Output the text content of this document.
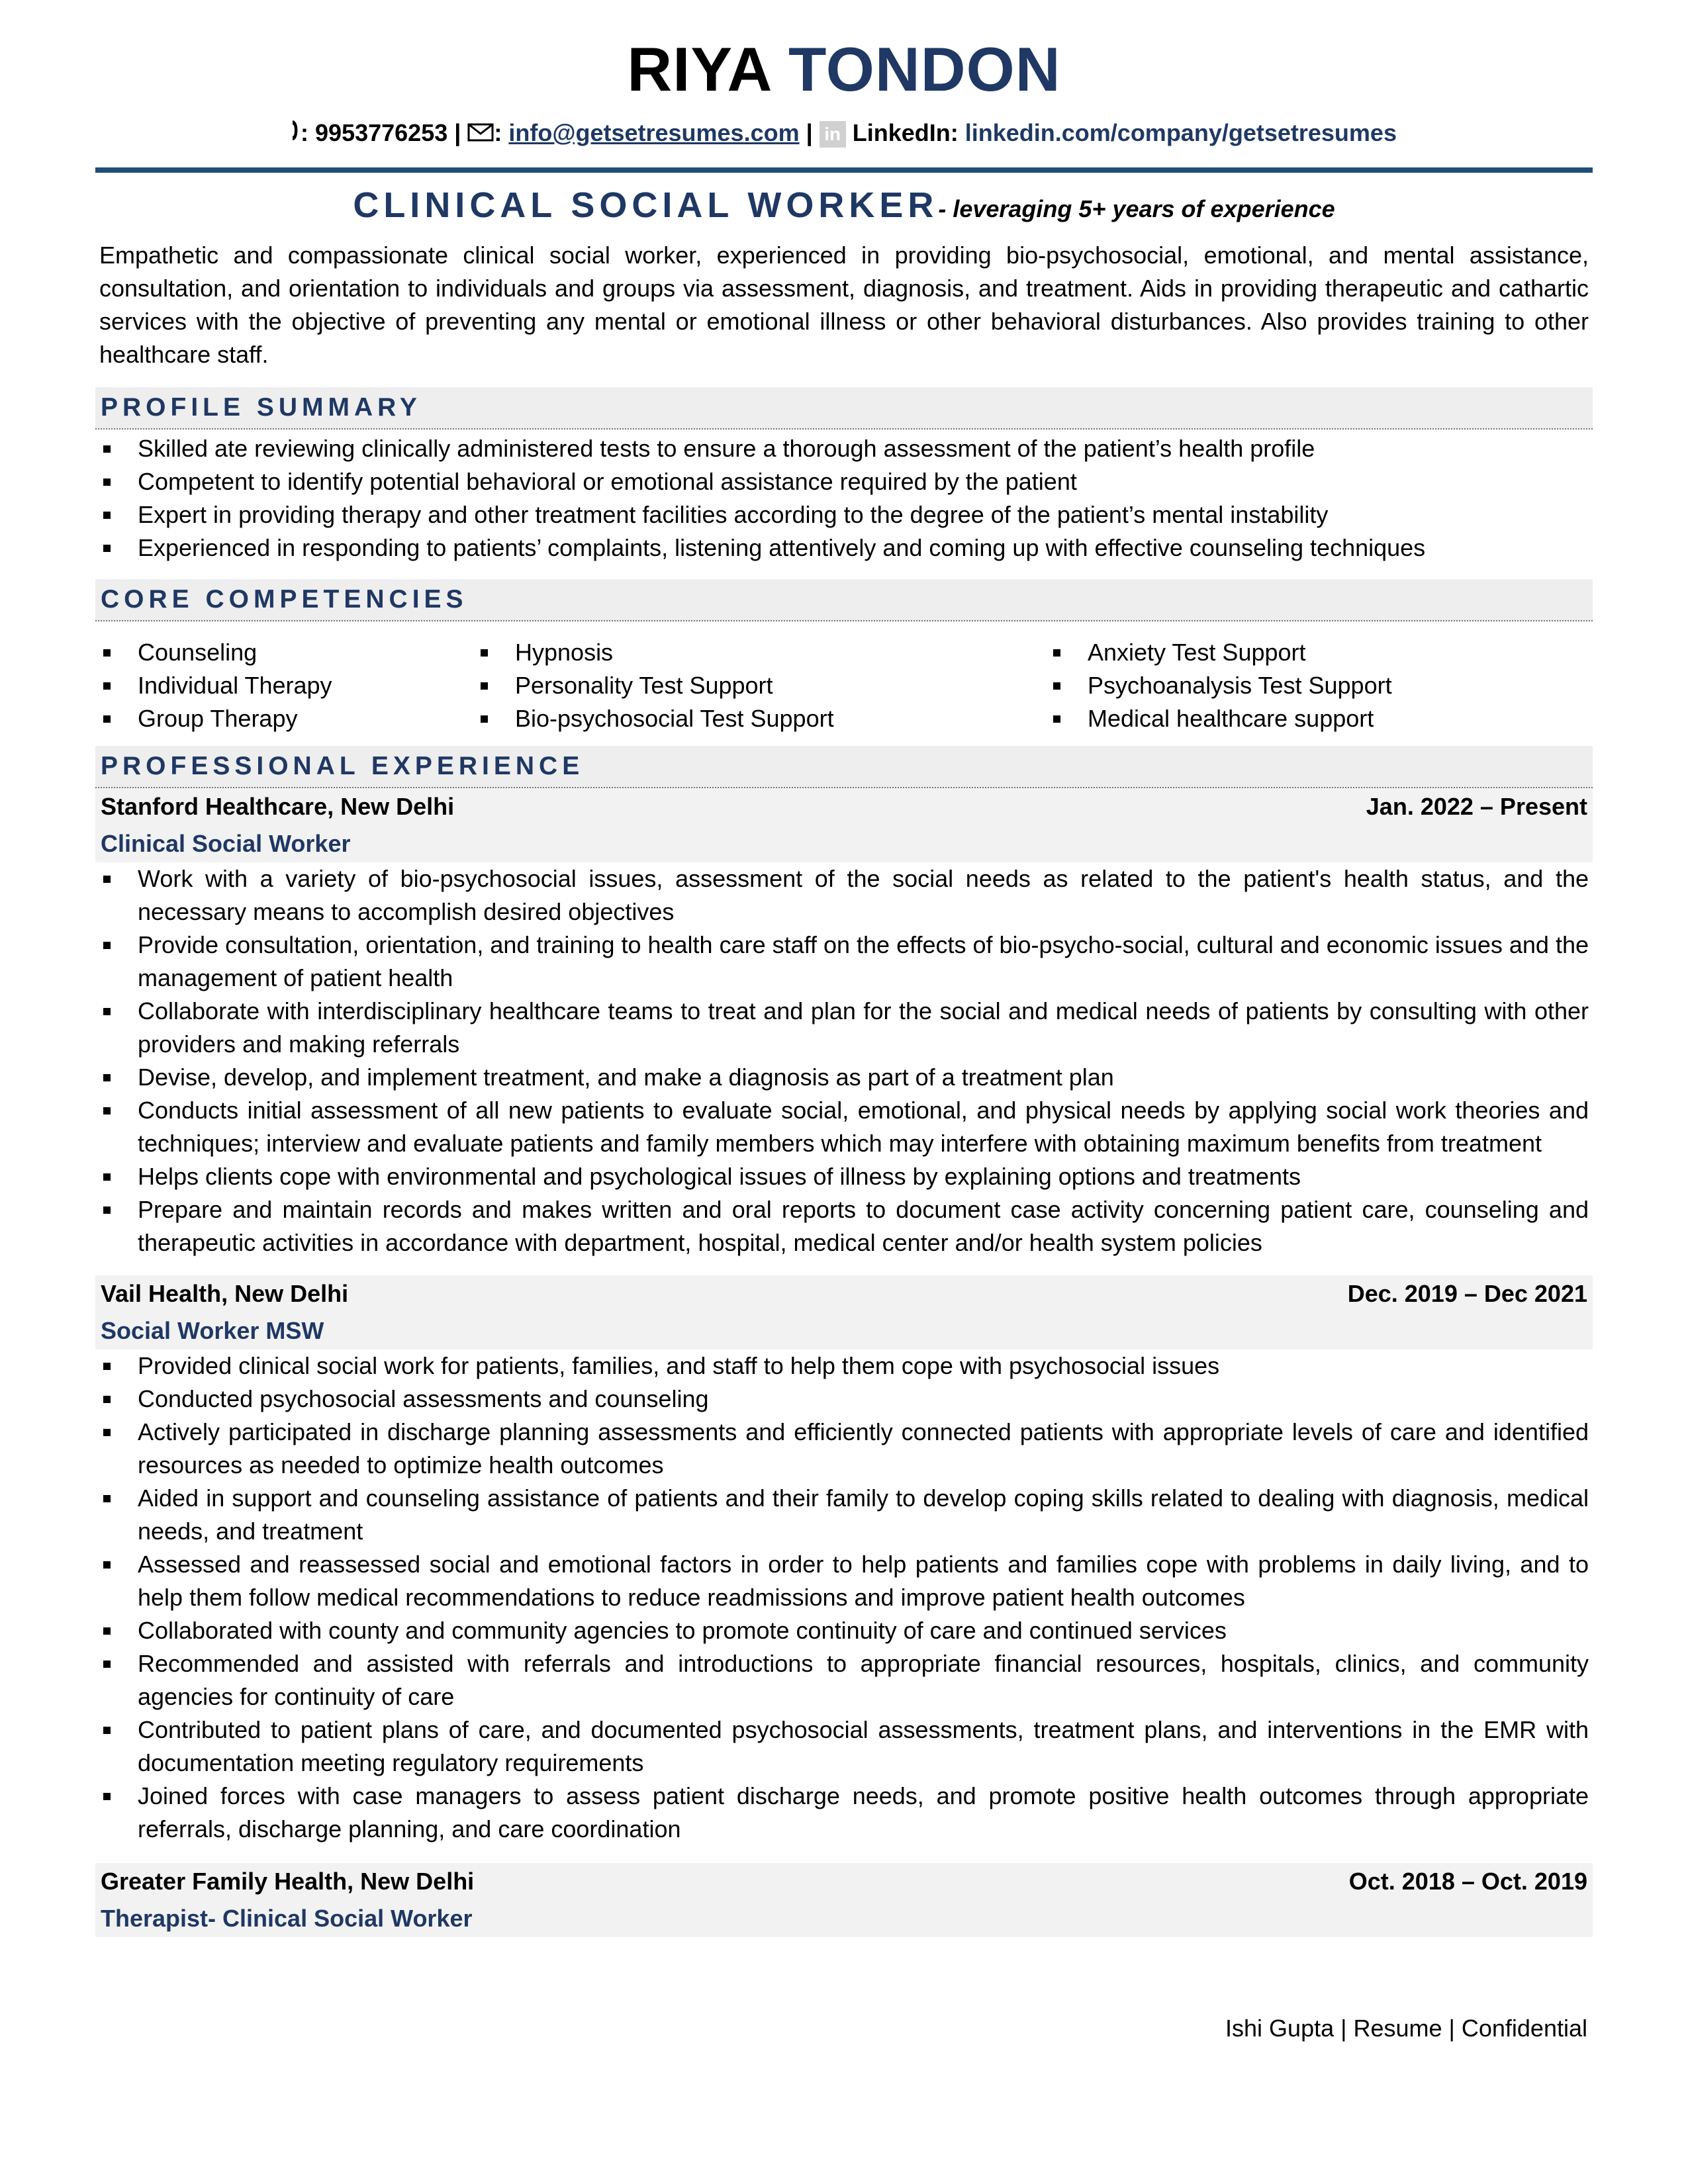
RIYA TONDON
: 9953776253 | : info@getsetresumes.com | in LinkedIn: linkedin.com/company/getsetresumes
CLINICAL SOCIAL WORKER- leveraging 5+ years of experience
Empathetic and compassionate clinical social worker, experienced in providing bio-psychosocial, emotional, and mental assistance, consultation, and orientation to individuals and groups via assessment, diagnosis, and treatment. Aids in providing therapeutic and cathartic services with the objective of preventing any mental or emotional illness or other behavioral disturbances. Also provides training to other healthcare staff.
PROFILE SUMMARY
Skilled ate reviewing clinically administered tests to ensure a thorough assessment of the patient’s health profile
Competent to identify potential behavioral or emotional assistance required by the patient
Expert in providing therapy and other treatment facilities according to the degree of the patient’s mental instability
Experienced in responding to patients’ complaints, listening attentively and coming up with effective counseling techniques
CORE COMPETENCIES
Counseling
Individual Therapy
Group Therapy
Hypnosis
Personality Test Support
Bio-psychosocial Test Support
Anxiety Test Support
Psychoanalysis Test Support
Medical healthcare support
PROFESSIONAL EXPERIENCE
Stanford Healthcare, New Delhi	Jan. 2022 – Present
Clinical Social Worker
Work with a variety of bio-psychosocial issues, assessment of the social needs as related to the patient's health status, and the necessary means to accomplish desired objectives
Provide consultation, orientation, and training to health care staff on the effects of bio-psycho-social, cultural and economic issues and the management of patient health
Collaborate with interdisciplinary healthcare teams to treat and plan for the social and medical needs of patients by consulting with other providers and making referrals
Devise, develop, and implement treatment, and make a diagnosis as part of a treatment plan
Conducts initial assessment of all new patients to evaluate social, emotional, and physical needs by applying social work theories and techniques; interview and evaluate patients and family members which may interfere with obtaining maximum benefits from treatment
Helps clients cope with environmental and psychological issues of illness by explaining options and treatments
Prepare and maintain records and makes written and oral reports to document case activity concerning patient care, counseling and therapeutic activities in accordance with department, hospital, medical center and/or health system policies
Vail Health, New Delhi	Dec. 2019 – Dec 2021
Social Worker MSW
Provided clinical social work for patients, families, and staff to help them cope with psychosocial issues
Conducted psychosocial assessments and counseling
Actively participated in discharge planning assessments and efficiently connected patients with appropriate levels of care and identified resources as needed to optimize health outcomes
Aided in support and counseling assistance of patients and their family to develop coping skills related to dealing with diagnosis, medical needs, and treatment
Assessed and reassessed social and emotional factors in order to help patients and families cope with problems in daily living, and to help them follow medical recommendations to reduce readmissions and improve patient health outcomes
Collaborated with county and community agencies to promote continuity of care and continued services
Recommended and assisted with referrals and introductions to appropriate financial resources, hospitals, clinics, and community agencies for continuity of care
Contributed to patient plans of care, and documented psychosocial assessments, treatment plans, and interventions in the EMR with documentation meeting regulatory requirements
Joined forces with case managers to assess patient discharge needs, and promote positive health outcomes through appropriate referrals, discharge planning, and care coordination
Greater Family Health, New Delhi	Oct. 2018 – Oct. 2019
Therapist- Clinical Social Worker
Ishi Gupta | Resume | Confidential
